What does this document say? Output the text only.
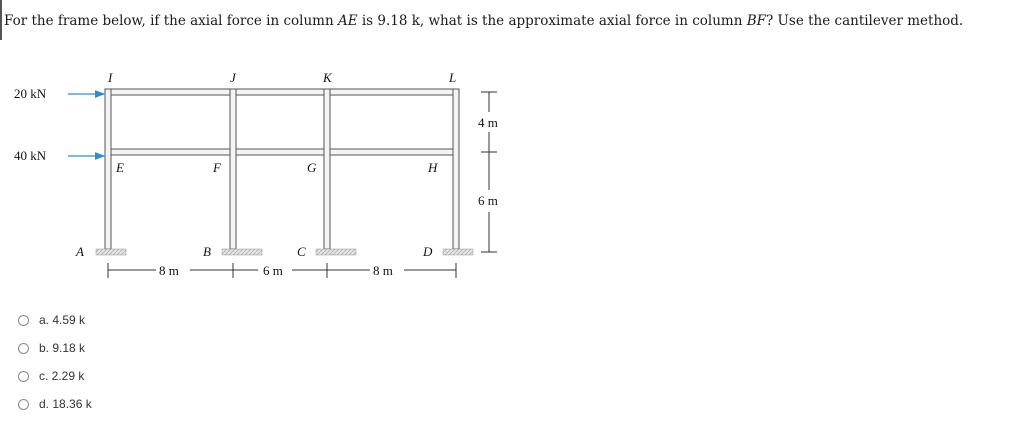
For the frame below, if the axial force in column AE is 9.18 k, what is the approximate axial force in column BF? Use the cantilever method.
20 kN
40 kN
I	J	K	L
E	F	G	H
A	B	C	D
8 m	6 m	8 m
4 m
6 m
a. 4.59 k
b. 9.18 k
c. 2.29 k
d. 18.36 k
